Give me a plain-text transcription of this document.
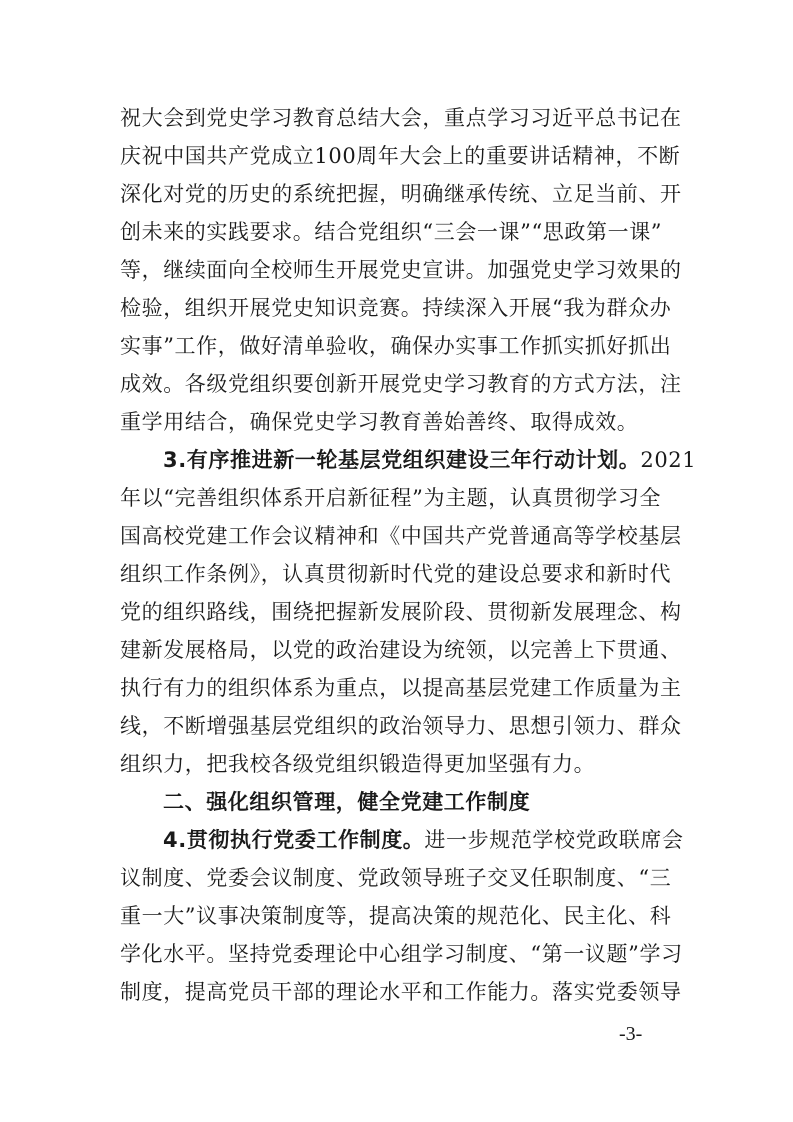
祝大会到党史学习教育总结大会，重点学习习近平总书记在
庆祝中国共产党成立100周年大会上的重要讲话精神，不断
深化对党的历史的系统把握，明确继承传统、立足当前、开
创未来的实践要求。结合党组织“三会一课”“思政第一课”
等，继续面向全校师生开展党史宣讲。加强党史学习效果的
检验，组织开展党史知识竞赛。持续深入开展“我为群众办
实事”工作，做好清单验收，确保办实事工作抓实抓好抓出
成效。各级党组织要创新开展党史学习教育的方式方法，注
重学用结合，确保党史学习教育善始善终、取得成效。
3.有序推进新一轮基层党组织建设三年行动计划。2021
年以“完善组织体系开启新征程”为主题，认真贯彻学习全
国高校党建工作会议精神和《中国共产党普通高等学校基层
组织工作条例》，认真贯彻新时代党的建设总要求和新时代
党的组织路线，围绕把握新发展阶段、贯彻新发展理念、构
建新发展格局，以党的政治建设为统领，以完善上下贯通、
执行有力的组织体系为重点，以提高基层党建工作质量为主
线，不断增强基层党组织的政治领导力、思想引领力、群众
组织力，把我校各级党组织锻造得更加坚强有力。
二、强化组织管理，健全党建工作制度
4.贯彻执行党委工作制度。进一步规范学校党政联席会
议制度、党委会议制度、党政领导班子交叉任职制度、“三
重一大”议事决策制度等，提高决策的规范化、民主化、科
学化水平。坚持党委理论中心组学习制度、“第一议题”学习
制度，提高党员干部的理论水平和工作能力。落实党委领导
-3-
